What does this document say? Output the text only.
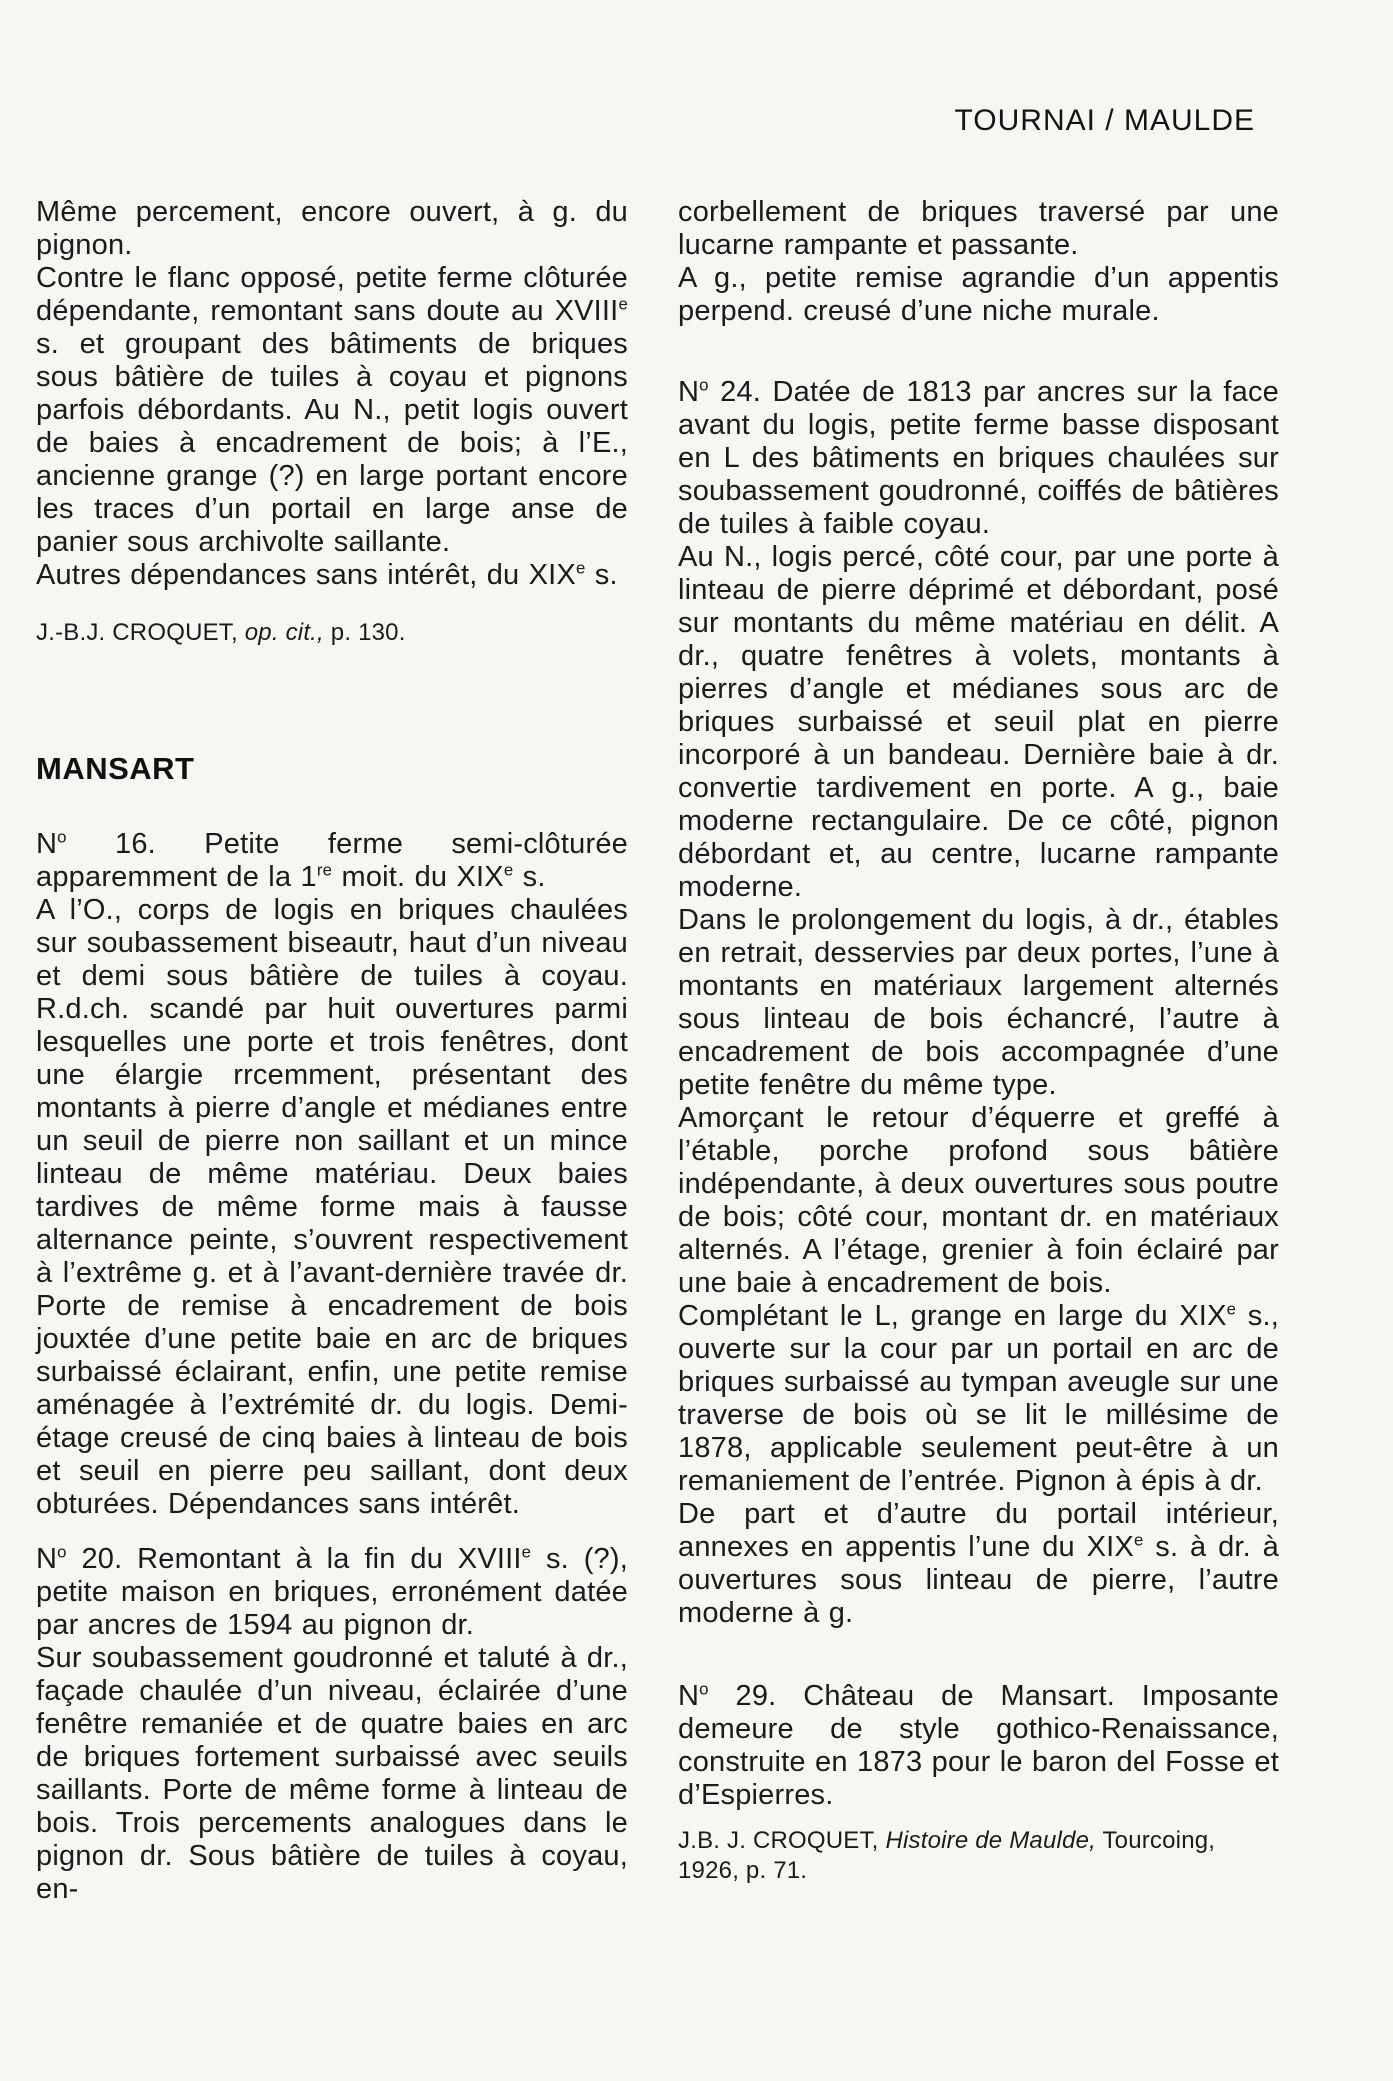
TOURNAI / MAULDE

Même percement, encore ouvert, à g. du pignon.

Contre le flanc opposé, petite ferme clôturée dépendante, remontant sans doute au XVIIIe s. et groupant des bâtiments de briques sous bâtière de tuiles à coyau et pignons parfois débordants. Au N., petit logis ouvert de baies à encadrement de bois; à l’E., ancienne grange (?) en large portant encore les traces d’un portail en large anse de panier sous archivolte saillante.

Autres dépendances sans intérêt, du XIXe s.

J.-B.J. CROQUET, op. cit., p. 130.

MANSART

$N^o$ 16. Petite ferme semi-clôturée apparemment de la 1re moit. du XIXe s.

A l’O., corps de logis en briques chaulées sur soubassement biseautr, haut d’un niveau et demi sous bâtière de tuiles à coyau. R.d.ch. scandé par huit ouvertures parmi lesquelles une porte et trois fenêtres, dont une élargie rrcemment, présentant des montants à pierre d’angle et médianes entre un seuil de pierre non saillant et un mince linteau de même matériau. Deux baies tardives de même forme mais à fausse alternance peinte, s’ouvrent respectivement à l’extrême g. et à l’avant-dernière travée dr. Porte de remise à encadrement de bois jouxtée d’une petite baie en arc de briques surbaissé éclairant, enfin, une petite remise aménagée à l’extrémité dr. du logis. Demi-étage creusé de cinq baies à linteau de bois et seuil en pierre peu saillant, dont deux obturées. Dépendances sans intérêt.

$N^o$ 20. Remontant à la fin du XVIIIe s. (?), petite maison en briques, erronément datée par ancres de 1594 au pignon dr.

Sur soubassement goudronné et taluté à dr., façade chaulée d’un niveau, éclairée d’une fenêtre remaniée et de quatre baies en arc de briques fortement surbaissé avec seuils saillants. Porte de même forme à linteau de bois. Trois percements analogues dans le pignon dr. Sous bâtière de tuiles à coyau, en-

corbellement de briques traversé par une lucarne rampante et passante.

A g., petite remise agrandie d’un appentis perpend. creusé d’une niche murale.

$N^o$ 24. Datée de 1813 par ancres sur la face avant du logis, petite ferme basse disposant en L des bâtiments en briques chaulées sur soubassement goudronné, coiffés de bâtières de tuiles à faible coyau.

Au N., logis percé, côté cour, par une porte à linteau de pierre déprimé et débordant, posé sur montants du même matériau en délit. A dr., quatre fenêtres à volets, montants à pierres d’angle et médianes sous arc de briques surbaissé et seuil plat en pierre incorporé à un bandeau. Dernière baie à dr. convertie tardivement en porte. A g., baie moderne rectangulaire. De ce côté, pignon débordant et, au centre, lucarne rampante moderne.

Dans le prolongement du logis, à dr., étables en retrait, desservies par deux portes, l’une à montants en matériaux largement alternés sous linteau de bois échancré, l’autre à encadrement de bois accompagnée d’une petite fenêtre du même type.

Amorçant le retour d’équerre et greffé à l’étable, porche profond sous bâtière indépendante, à deux ouvertures sous poutre de bois; côté cour, montant dr. en matériaux alternés. A l’étage, grenier à foin éclairé par une baie à encadrement de bois.

Complétant le L, grange en large du XIXe s., ouverte sur la cour par un portail en arc de briques surbaissé au tympan aveugle sur une traverse de bois où se lit le millésime de 1878, applicable seulement peut-être à un remaniement de l’entrée. Pignon à épis à dr.

De part et d’autre du portail intérieur, annexes en appentis l’une du XIXe s. à dr. à ouvertures sous linteau de pierre, l’autre moderne à g.

$N^o$ 29. Château de Mansart. Imposante demeure de style gothico-Renaissance, construite en 1873 pour le baron del Fosse et d’Espierres.

J.B. J. CROQUET, Histoire de Maulde, Tourcoing, 1926, p. 71.
